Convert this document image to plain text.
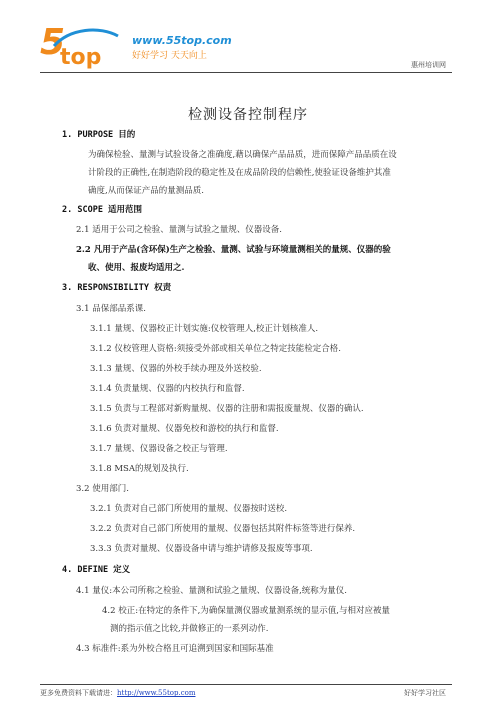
5
top
www.55top.com
好好学习 天天向上
惠州培训网
检测设备控制程序
1. PURPOSE 目的
为确保检验、量测与试验设备之准确度,藉以确保产品品质，进而保障产品品质在设
计阶段的正确性,在制造阶段的稳定性及在成品阶段的信赖性,使验证设备维护其准
确度,从而保证产品的量测品质.
2. SCOPE 适用范围
2.1 适用于公司之检验、量测与试验之量规、仪器设备.
2.2 凡用于产品(含环保)生产之检验、量测、试验与环境量测相关的量规、仪器的验
收、使用、报废均适用之.
3. RESPONSIBILITY 权责
3.1 品保部品系课.
3.1.1 量规、仪器校正计划实施:仪校管理人,校正计划核准人.
3.1.2 仪校管理人资格:须接受外部或相关单位之特定技能检定合格.
3.1.3 量规、仪器的外校手续办理及外送校验.
3.1.4 负责量规、仪器的内校执行和监督.
3.1.5 负责与工程部对新购量规、仪器的注册和需报废量规、仪器的确认.
3.1.6 负责对量规、仪器免校和游校的执行和监督.
3.1.7 量规、仪器设备之校正与管理.
3.1.8 MSA的规划及执行.
3.2 使用部门.
3.2.1 负责对自己部门所使用的量规、仪器按时送校.
3.2.2 负责对自己部门所使用的量规、仪器包括其附件标签等进行保养.
3.3.3 负责对量规、仪器设备申请与维护请修及报废等事项.
4. DEFINE 定义
4.1 量仪:本公司所称之检验、量测和试验之量规、仪器设备,统称为量仪.
4.2 校正:在特定的条件下,为确保量测仪器或量测系统的显示值,与相对应被量
测的指示值之比较,并做修正的一系列动作.
4.3 标准件:系为外校合格且可追溯到国家和国际基准
更多免费资料下载请进：http://www.55top.com	好好学习社区
